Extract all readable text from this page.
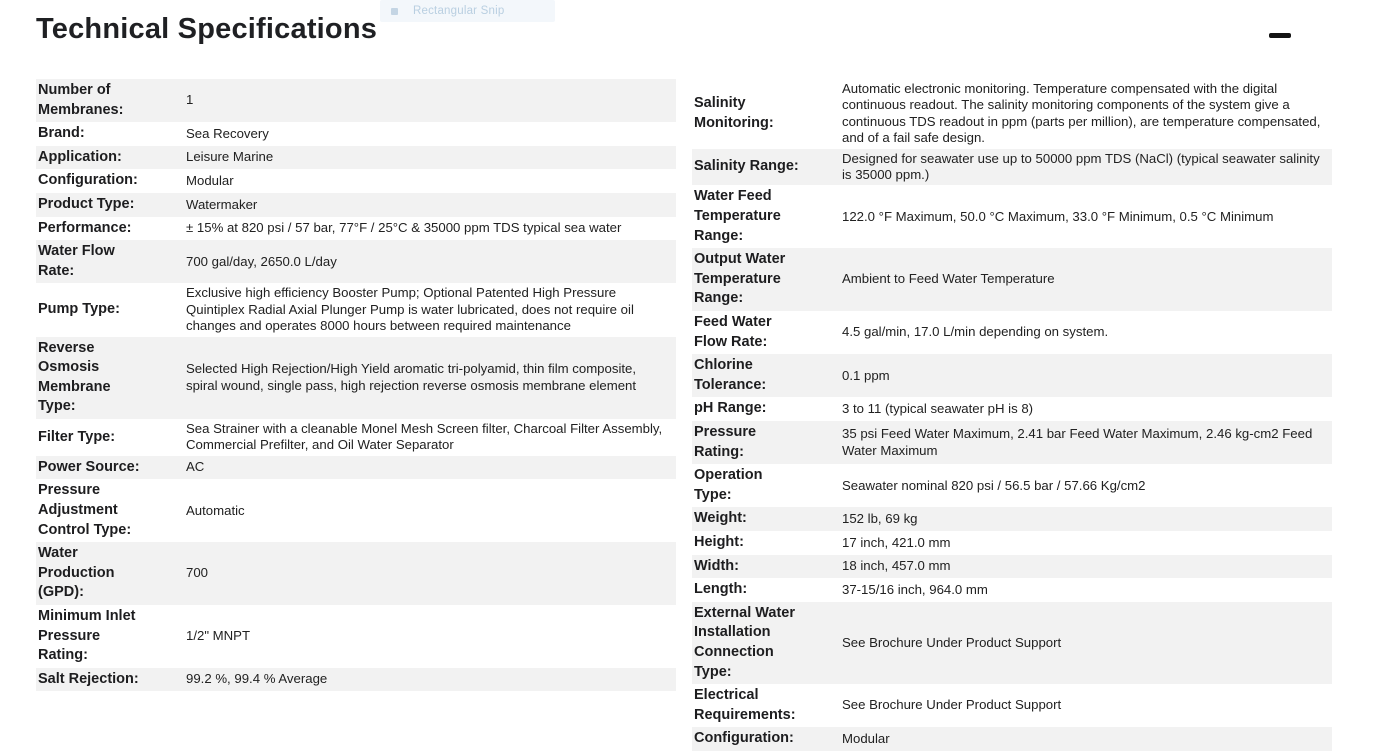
Rectangular Snip
Technical Specifications
Number of Membranes:	1
Brand:	Sea Recovery
Application:	Leisure Marine
Configuration:	Modular
Product Type:	Watermaker
Performance:	± 15% at 820 psi / 57 bar, 77°F / 25°C & 35000 ppm TDS typical sea water
Water Flow Rate:	700 gal/day, 2650.0 L/day
Pump Type:	Exclusive high efficiency Booster Pump; Optional Patented High Pressure Quintiplex Radial Axial Plunger Pump is water lubricated, does not require oil changes and operates 8000 hours between required maintenance
Reverse Osmosis Membrane Type:	Selected High Rejection/High Yield aromatic tri-polyamid, thin film composite, spiral wound, single pass, high rejection reverse osmosis membrane element
Filter Type:	Sea Strainer with a cleanable Monel Mesh Screen filter, Charcoal Filter Assembly, Commercial Prefilter, and Oil Water Separator
Power Source:	AC
Pressure Adjustment Control Type:	Automatic
Water Production (GPD):	700
Minimum Inlet Pressure Rating:	1/2" MNPT
Salt Rejection:	99.2 %, 99.4 % Average
Salinity Monitoring:	Automatic electronic monitoring. Temperature compensated with the digital continuous readout. The salinity monitoring components of the system give a continuous TDS readout in ppm (parts per million), are temperature compensated, and of a fail safe design.
Salinity Range:	Designed for seawater use up to 50000 ppm TDS (NaCl) (typical seawater salinity is 35000 ppm.)
Water Feed Temperature Range:	122.0 °F Maximum, 50.0 °C Maximum, 33.0 °F Minimum, 0.5 °C Minimum
Output Water Temperature Range:	Ambient to Feed Water Temperature
Feed Water Flow Rate:	4.5 gal/min, 17.0 L/min depending on system.
Chlorine Tolerance:	0.1 ppm
pH Range:	3 to 11 (typical seawater pH is 8)
Pressure Rating:	35 psi Feed Water Maximum, 2.41 bar Feed Water Maximum, 2.46 kg-cm2 Feed Water Maximum
Operation Type:	Seawater nominal 820 psi / 56.5 bar / 57.66 Kg/cm2
Weight:	152 lb, 69 kg
Height:	17 inch, 421.0 mm
Width:	18 inch, 457.0 mm
Length:	37-15/16 inch, 964.0 mm
External Water Installation Connection Type:	See Brochure Under Product Support
Electrical Requirements:	See Brochure Under Product Support
Configuration:	Modular
